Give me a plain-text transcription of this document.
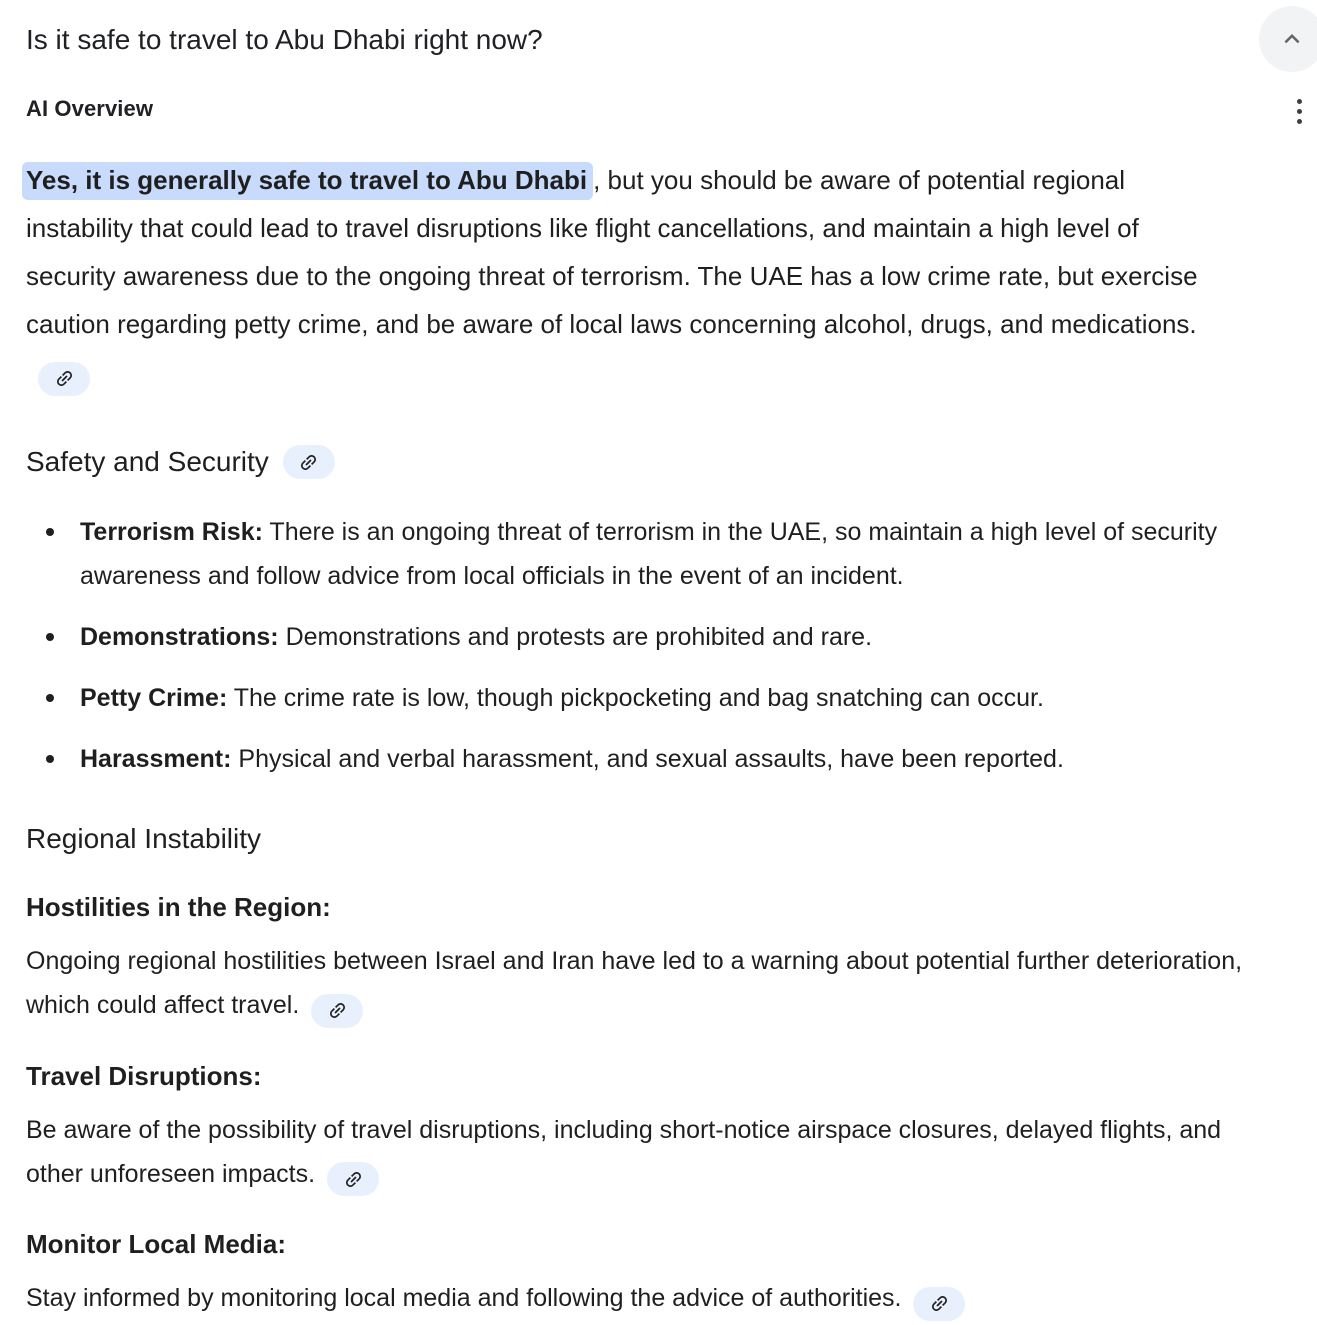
Is it safe to travel to Abu Dhabi right now?
AI Overview

Yes, it is generally safe to travel to Abu Dhabi , but you should be aware of potential regional instability that could lead to travel disruptions like flight cancellations, and maintain a high level of security awareness due to the ongoing threat of terrorism. The UAE has a low crime rate, but exercise caution regarding petty crime, and be aware of local laws concerning alcohol, drugs, and medications.

Safety and Security
Terrorism Risk: There is an ongoing threat of terrorism in the UAE, so maintain a high level of security awareness and follow advice from local officials in the event of an incident.
Demonstrations: Demonstrations and protests are prohibited and rare.
Petty Crime: The crime rate is low, though pickpocketing and bag snatching can occur.
Harassment: Physical and verbal harassment, and sexual assaults, have been reported.
Regional Instability
Hostilities in the Region:

Ongoing regional hostilities between Israel and Iran have led to a warning about potential further deterioration, which could affect travel.

Travel Disruptions:

Be aware of the possibility of travel disruptions, including short-notice airspace closures, delayed flights, and other unforeseen impacts.

Monitor Local Media:

Stay informed by monitoring local media and following the advice of authorities.
